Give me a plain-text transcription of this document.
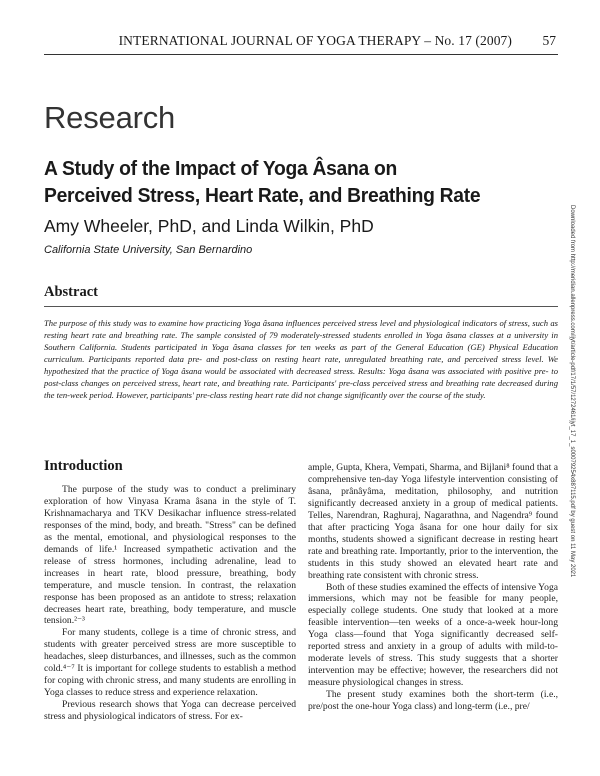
INTERNATIONAL JOURNAL OF YOGA THERAPY – No. 17 (2007) 57
Research
A Study of the Impact of Yoga Âsana on
Perceived Stress, Heart Rate, and Breathing Rate
Amy Wheeler, PhD, and Linda Wilkin, PhD
California State University, San Bernardino	Downloaded from http://meridian.allenpress.com/ijyt/article-pdf/17/1/57/1272461/ijyt_17_1_s00079254x887115.pdf by guest on 11 May 2021
Abstract

The purpose of this study was to examine how practicing Yoga âsana influences perceived stress level and physiological indicators of stress, such as resting heart rate and breathing rate. The sample consisted of 79 moderately-stressed students enrolled in Yoga âsana classes at a university in Southern California. Students participated in Yoga âsana classes for ten weeks as part of the General Education (GE) Physical Education curriculum. Participants reported data pre- and post-class on resting heart rate, unregulated breathing rate, and perceived stress level. We hypothesized that the practice of Yoga âsana would be associated with decreased stress. Results: Yoga âsana was associated with positive pre- to post-class changes on perceived stress, heart rate, and breathing rate. Participants' pre-class perceived stress and breathing rate decreased during the ten-week period. However, participants' pre-class resting heart rate did not change significantly over the course of the study.

Introduction

The purpose of the study was to conduct a preliminary exploration of how Vinyasa Krama âsana in the style of T. Krishnamacharya and TKV Desikachar influence stress-related responses of the mind, body, and breath. "Stress" can be defined as the mental, emotional, and physiological responses to the demands of life.¹ Increased sympathetic activation and the release of stress hormones, including adrenaline, lead to increases in heart rate, blood pressure, breathing, body temperature, and muscle tension. In contrast, the relaxation response has been proposed as an antidote to stress; relaxation decreases heart rate, breathing, body temperature, and muscle tension.²⁻³

For many students, college is a time of chronic stress, and students with greater perceived stress are more susceptible to headaches, sleep disturbances, and illnesses, such as the common cold.⁴⁻⁷ It is important for college students to establish a method for coping with chronic stress, and many students are enrolling in Yoga classes to reduce stress and experience relaxation.

Previous research shows that Yoga can decrease perceived stress and physiological indicators of stress. For ex-

ample, Gupta, Khera, Vempati, Sharma, and Bijlani⁸ found that a comprehensive ten-day Yoga lifestyle intervention consisting of âsana, prânâyâma, meditation, philosophy, and nutrition significantly decreased anxiety in a group of medical patients. Telles, Narendran, Raghuraj, Nagarathna, and Nagendra⁹ found that after practicing Yoga âsana for one hour daily for six months, students showed a significant decrease in resting heart rate and breathing rate. Importantly, prior to the intervention, the students in this study showed an elevated heart rate and breathing rate consistent with chronic stress.

Both of these studies examined the effects of intensive Yoga immersions, which may not be feasible for many people, especially college students. One study that looked at a more feasible intervention—ten weeks of a once-a-week hour-long Yoga class—found that Yoga significantly decreased self-reported stress and anxiety in a group of adults with mild-to-moderate levels of stress. This study suggests that a shorter intervention may be effective; however, the researchers did not measure physiological changes in stress.

The present study examines both the short-term (i.e., pre/post the one-hour Yoga class) and long-term (i.e., pre/
